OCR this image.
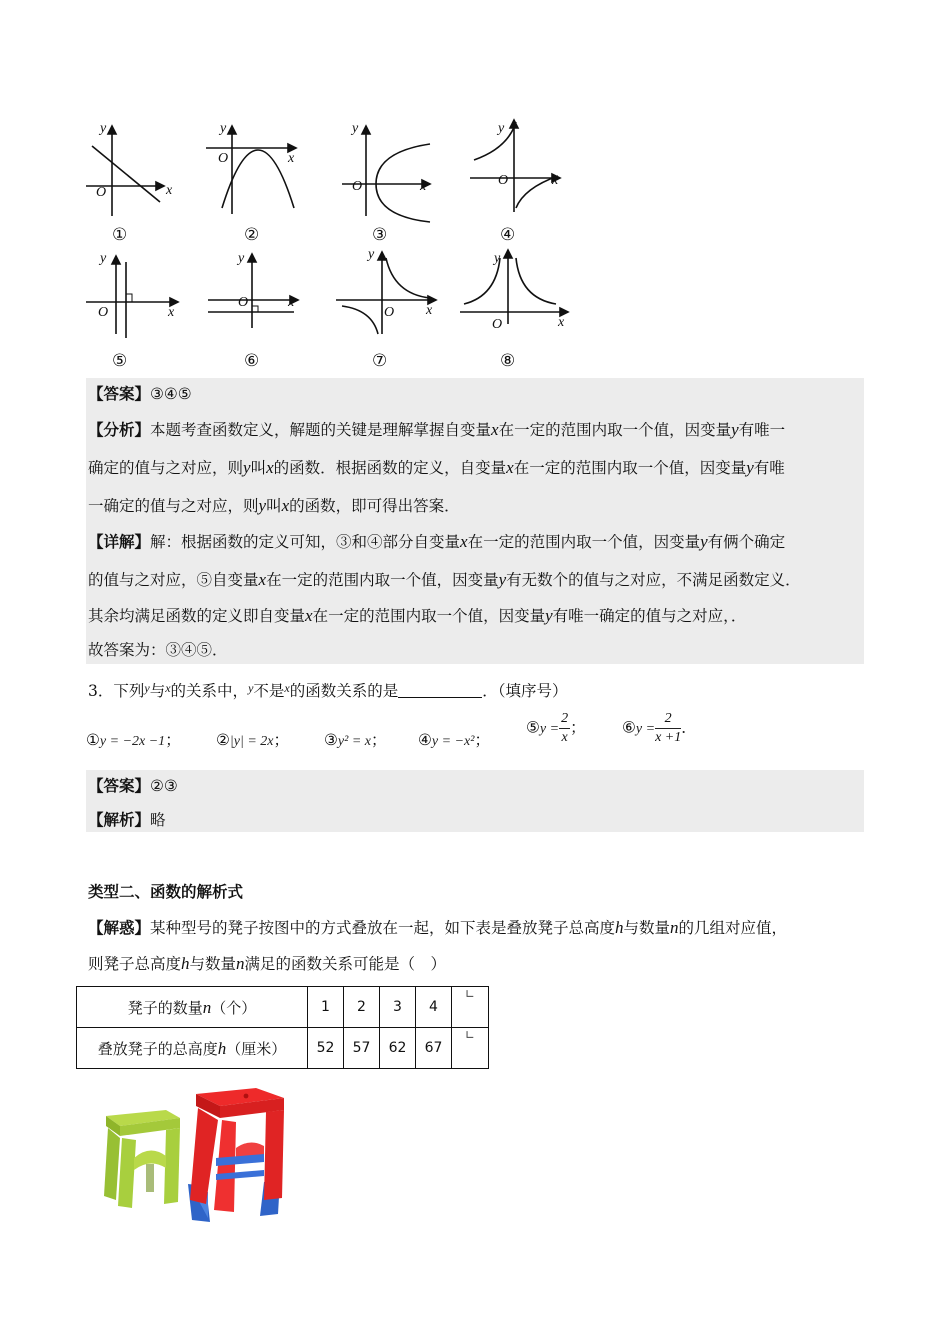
y
x
O
y
x
O
y
x
O
y
x
O
y
x
O
y
x
O
y
x
O
y
x
O
①	②	③	④
⑤	⑥	⑦	⑧
【答案】③④⑤
【分析】本题考查函数定义，解题的关键是理解掌握自变量x在一定的范围内取一个值，因变量y有唯一
确定的值与之对应，则y叫x的函数．根据函数的定义，自变量x在一定的范围内取一个值，因变量y有唯
一确定的值与之对应，则y叫x的函数，即可得出答案．
【详解】解：根据函数的定义可知，③和④部分自变量x在一定的范围内取一个值，因变量y有俩个确定
的值与之对应，⑤自变量x在一定的范围内取一个值，因变量y有无数个的值与之对应，不满足函数定义．
其余均满足函数的定义即自变量x在一定的范围内取一个值，因变量y有唯一确定的值与之对应，．
故答案为：③④⑤．
3．下列$^y$与$^x$的关系中，$^y$不是$^x$的函数关系的是	．（填序号）
①y = −2x −1； ②|y| = 2x； ③y² = x； ④y = −x²；
⑤y = $\frac{2}{x}$ ； ⑥y = $\frac{2}{x +1}$ ．
【答案】②③
【解析】略
类型二、函数的解析式
【解惑】某种型号的凳子按图中的方式叠放在一起，如下表是叠放凳子总高度h与数量n的几组对应值，
则凳子总高度h与数量n满足的函数关系可能是（　）
凳子的数量n（个）	1	2	3	4	∟
叠放凳子的总高度h（厘米）	52	57	62	67	∟
